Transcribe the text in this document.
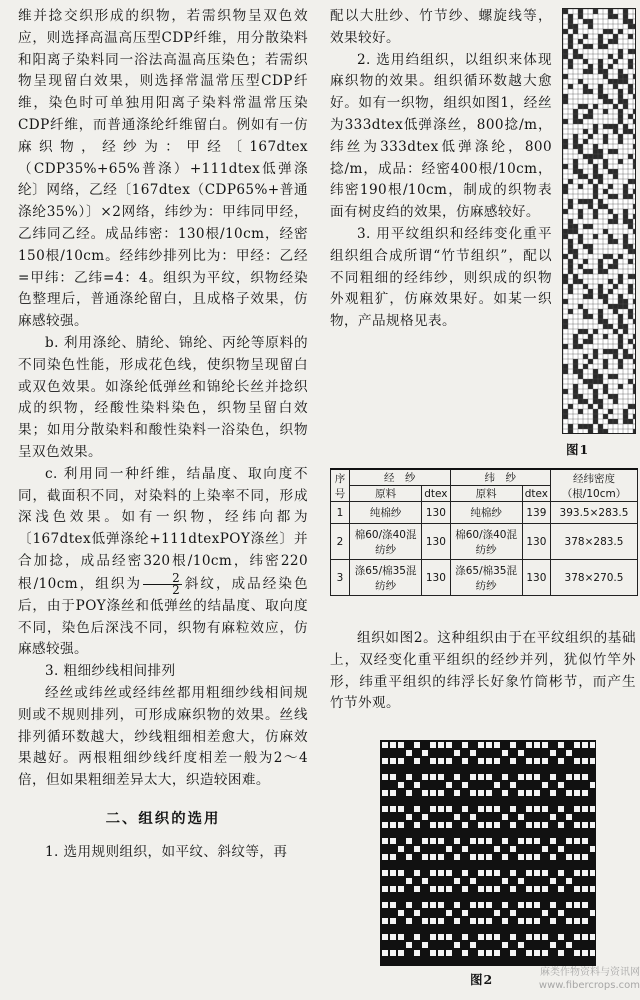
维并捻交织形成的织物，若需织物呈双色效应，则选择高温高压型CDP纤维，用分散染料和阳离子染料同一浴法高温高压染色；若需织物呈现留白效果，则选择常温常压型CDP纤维，染色时可单独用阳离子染料常温常压染CDP纤维，而普通涤纶纤维留白。例如有一仿麻织物，经纱为：甲经〔167dtex（CDP35%+65%普涤）+111dtex低弹涤纶〕网络，乙经〔167dtex（CDP65%+普通涤纶35%）〕×2网络，纬纱为：甲纬同甲经，乙纬同乙经。成品纬密：130根/10cm，经密150根/10cm。经纬纱排列比为：甲经：乙经=甲纬：乙纬=4：4。组织为平纹，织物经染色整理后，普通涤纶留白，且成格子效果，仿麻感较强。

b. 利用涤纶、腈纶、锦纶、丙纶等原料的不同染色性能，形成花色线，使织物呈现留白或双色效果。如涤纶低弹丝和锦纶长丝并捻织成的织物，经酸性染料染色，织物呈留白效果；如用分散染料和酸性染料一浴染色，织物呈双色效果。

c. 利用同一种纤维，结晶度、取向度不同，截面积不同，对染料的上染率不同，形成深浅色效果。如有一织物，经纬向都为〔167dtex低弹涤纶+111dtexPOY涤丝〕并合加捻，成品经密320根/10cm，纬密220根/10cm，组织为 $\frac{2}{2}$ 斜纹，成品经染色后，由于POY涤丝和低弹丝的结晶度、取向度不同，染色后深浅不同，织物有麻粒效应，仿麻感较强。

3. 粗细纱线相间排列

经丝或纬丝或经纬丝都用粗细纱线相间规则或不规则排列，可形成麻织物的效果。丝线排列循环数越大，纱线粗细相差愈大，仿麻效果越好。两根粗细纱线纤度相差一般为2～4倍，但如果粗细差异太大，织造较困难。

二、组织的选用

1. 选用规则组织，如平纹、斜纹等，再

配以大肚纱、竹节纱、螺旋线等，效果较好。

2. 选用绉组织，以组织来体现麻织物的效果。组织循环数越大愈好。如有一织物，组织如图1，经丝为333dtex低弹涤丝，800捻/m，纬丝为333dtex低弹涤纶，800捻/m，成品：经密400根/10cm，纬密190根/10cm，制成的织物表面有树皮绉的效果，仿麻感较好。

3. 用平纹组织和经纬变化重平组织组合成所谓“竹节组织”，配以不同粗细的经纬纱，则织成的织物外观粗犷，仿麻效果好。如某一织物，产品规格见表。

图1
序号	经　纱		纬　纱		经纬密度（根/10cm）
	原料	dtex	原料	dtex	
1	纯棉纱	130	纯棉纱	139	393.5×283.5
2	棉60/涤40混纺纱	130	棉60/涤40混纺纱	130	378×283.5
3	涤65/棉35混纺纱	130	涤65/棉35混纺纱	130	378×270.5

组织如图2。这种组织由于在平纹组织的基础上，双经变化重平组织的经纱并列，犹似竹竿外形，纬重平组织的纬浮长好象竹筒彬节，而产生竹节外观。

图2	麻类作物资料与资讯网
www.fibercrops.com
